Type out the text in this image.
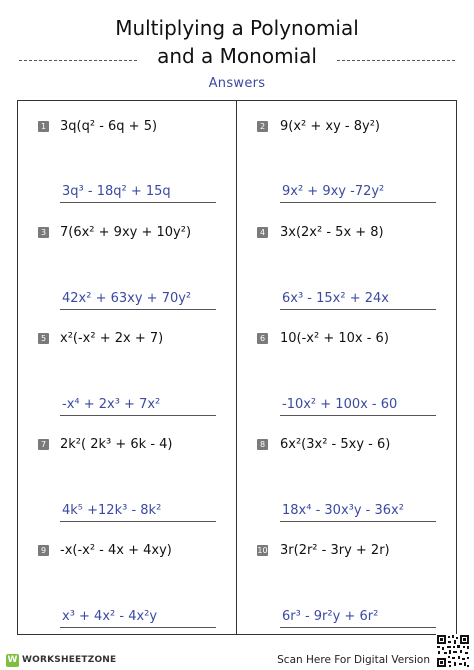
Multiplying a Polynomial
and a Monomial
Answers
1 3q(q² - 6q + 5)
3q³ - 18q² + 15q
2 9(x² + xy - 8y²)
9x² + 9xy -72y²
3 7(6x² + 9xy + 10y²)
42x² + 63xy + 70y²
4 3x(2x² - 5x + 8)
6x³ - 15x² + 24x
5 x²(-x² + 2x + 7)
-x⁴ + 2x³ + 7x²
6 10(-x² + 10x - 6)
-10x² + 100x - 60
7 2k²( 2k³ + 6k - 4)
4k⁵ +12k³ - 8k²
8 6x²(3x² - 5xy - 6)
18x⁴ - 30x³y - 36x²
9 -x(-x² - 4x + 4xy)
x³ + 4x² - 4x²y
10 3r(2r² - 3ry + 2r)
6r³ - 9r²y + 6r²
W WORKSHEETZONE	Scan Here For Digital Version
